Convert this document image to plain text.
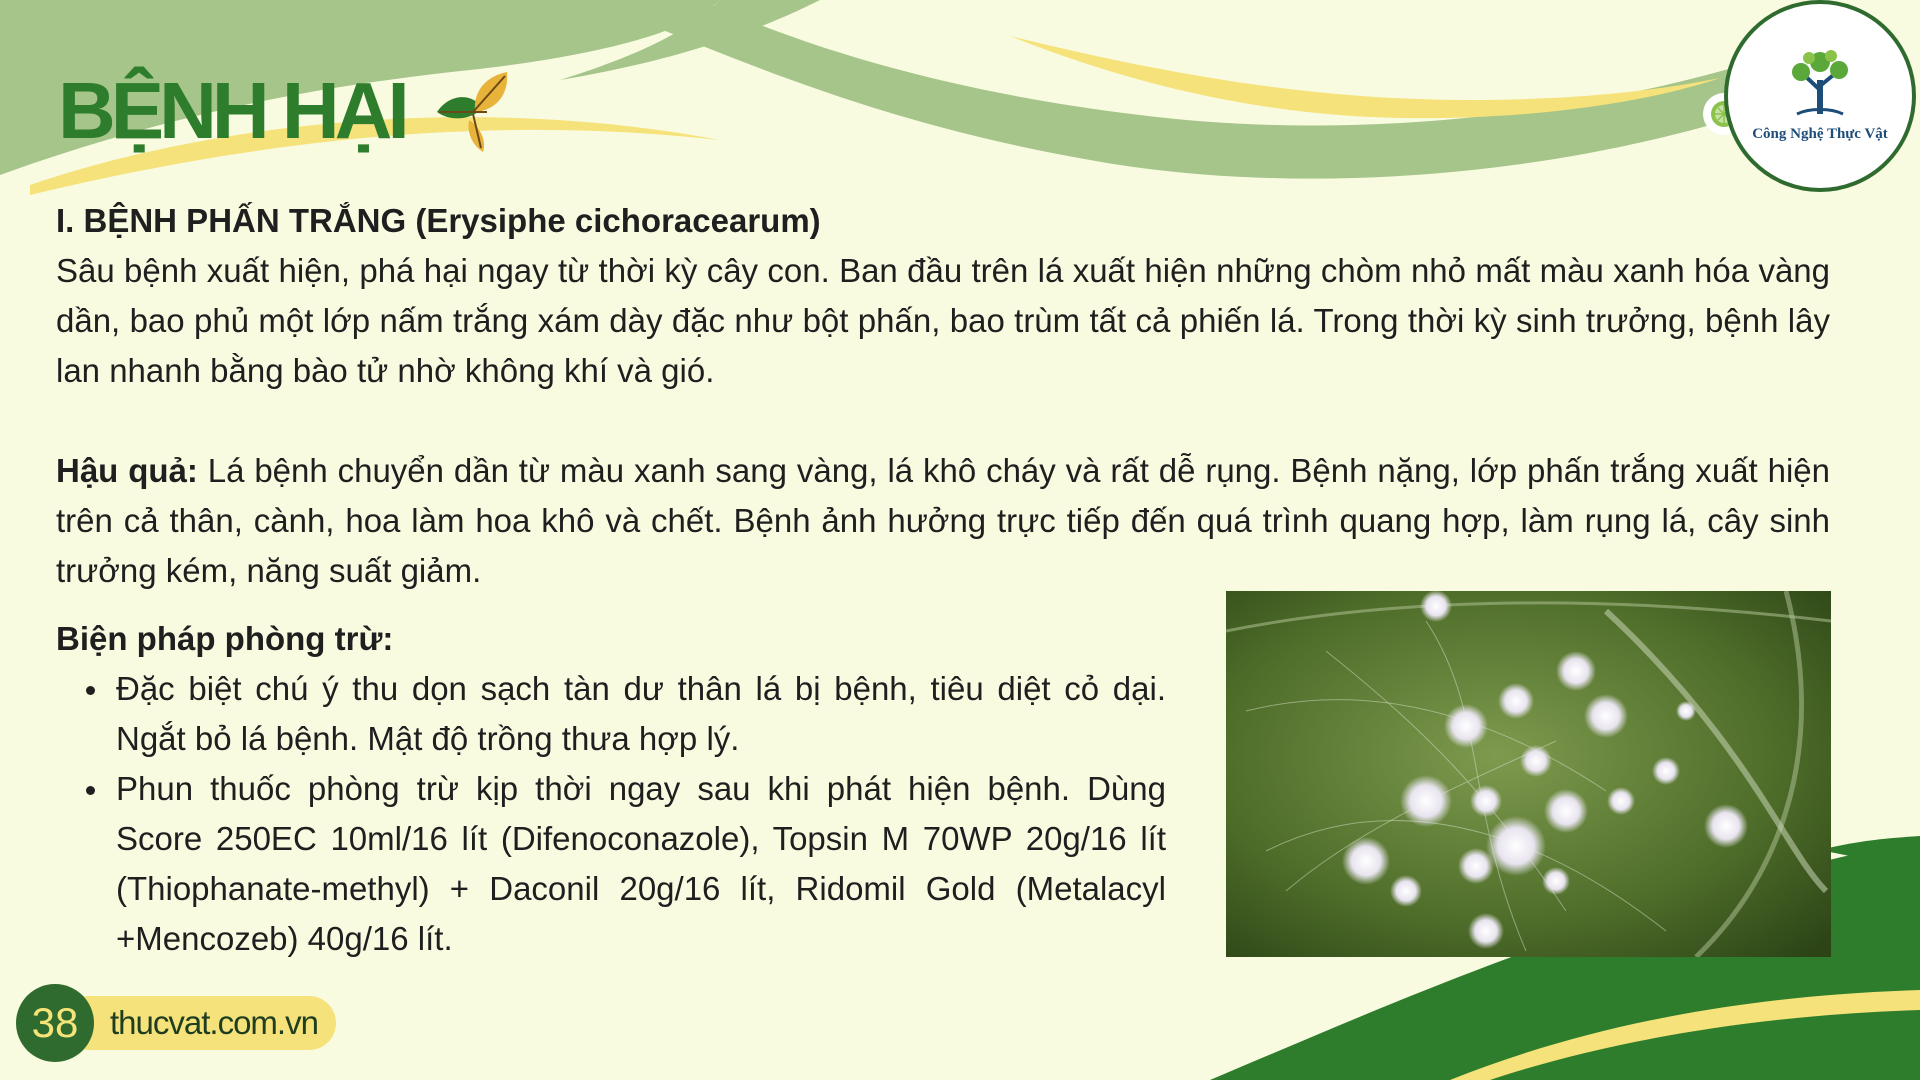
BỆNH HẠI	Công Nghệ Thực Vật

I. BỆNH PHẤN TRẮNG (Erysiphe cichoracearum)

Sâu bệnh xuất hiện, phá hại ngay từ thời kỳ cây con. Ban đầu trên lá xuất hiện những chòm nhỏ mất màu xanh hóa vàng dần, bao phủ một lớp nấm trắng xám dày đặc như bột phấn, bao trùm tất cả phiến lá. Trong thời kỳ sinh trưởng, bệnh lây lan nhanh bằng bào tử nhờ không khí và gió.

Hậu quả: Lá bệnh chuyển dần từ màu xanh sang vàng, lá khô cháy và rất dễ rụng. Bệnh nặng, lớp phấn trắng xuất hiện trên cả thân, cành, hoa làm hoa khô và chết. Bệnh ảnh hưởng trực tiếp đến quá trình quang hợp, làm rụng lá, cây sinh trưởng kém, năng suất giảm.

Biện pháp phòng trừ:

Đặc biệt chú ý thu dọn sạch tàn dư thân lá bị bệnh, tiêu diệt cỏ dại. Ngắt bỏ lá bệnh. Mật độ trồng thưa hợp lý.
Phun thuốc phòng trừ kịp thời ngay sau khi phát hiện bệnh. Dùng Score 250EC 10ml/16 lít (Difenoconazole), Topsin M 70WP 20g/16 lít (Thiophanate-methyl) + Daconil 20g/16 lít, Ridomil Gold (Metalacyl +Mencozeb) 40g/16 lít.
38 thucvat.com.vn
